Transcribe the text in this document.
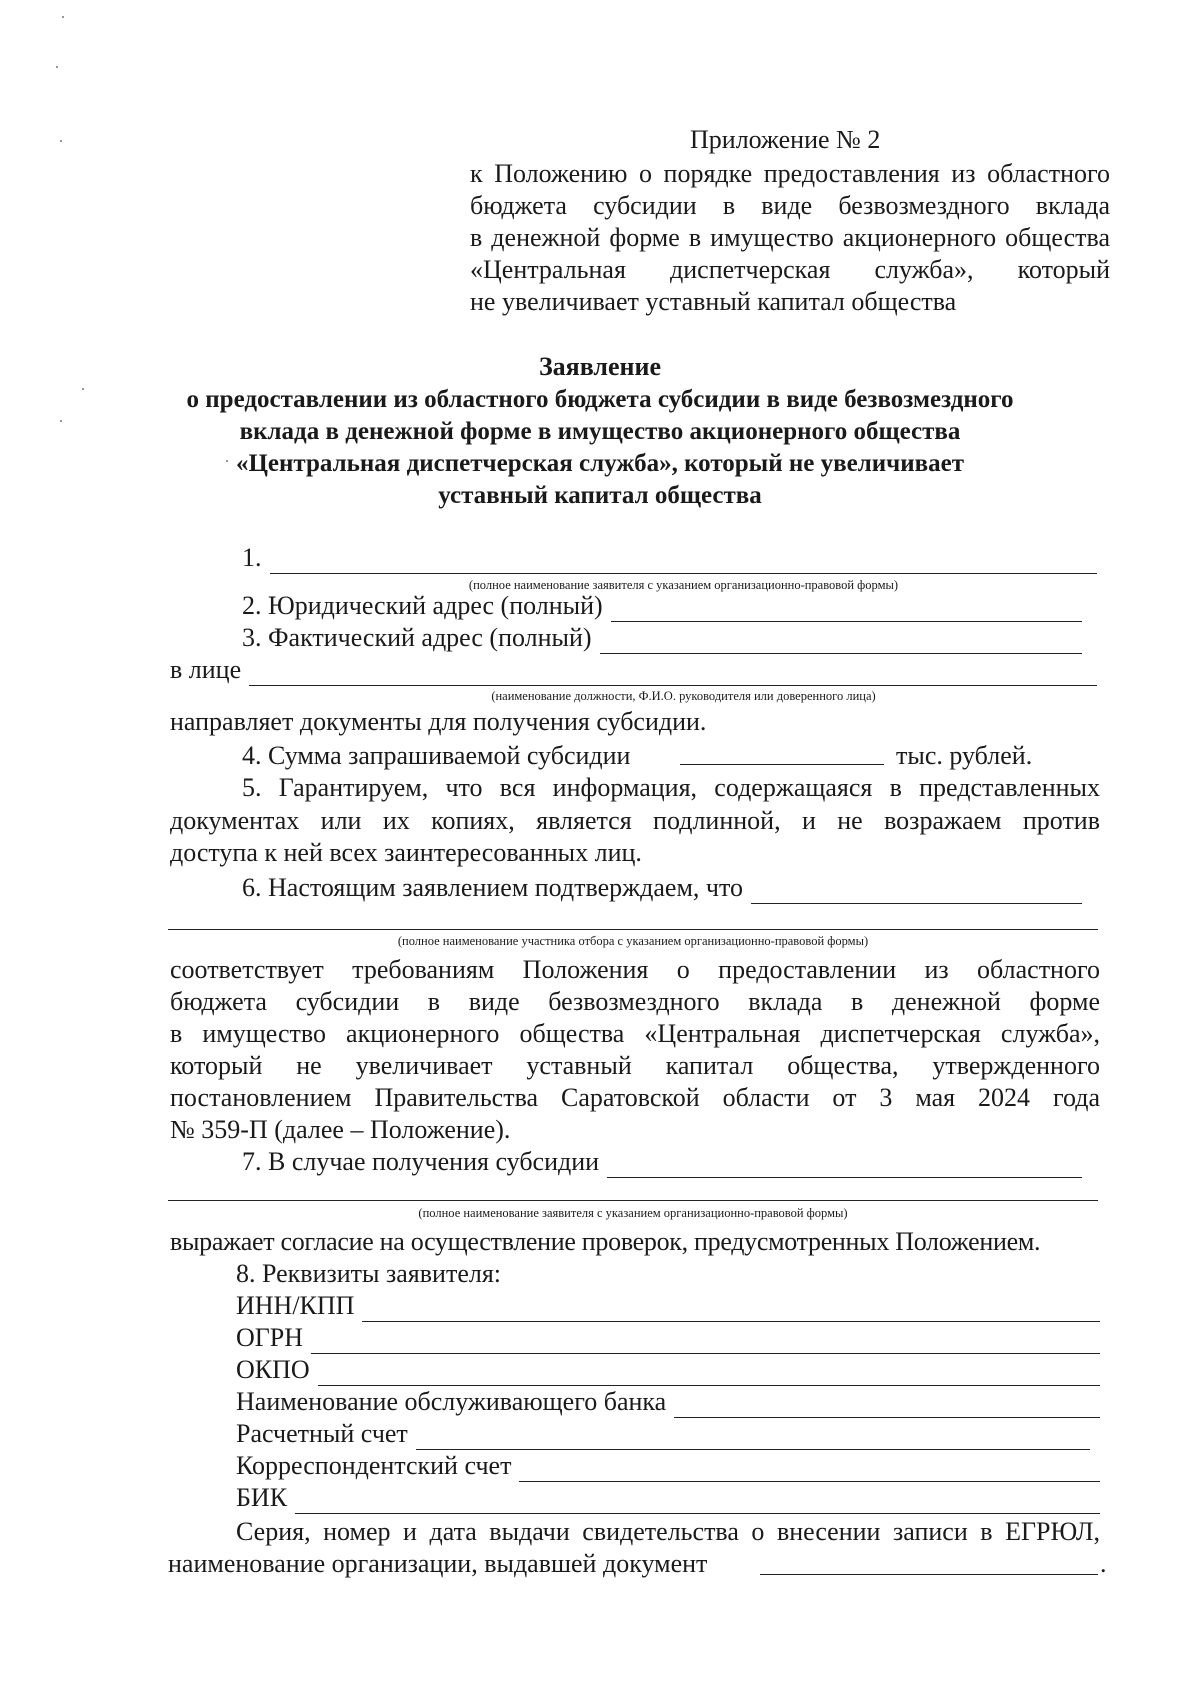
Приложение № 2
к Положению о порядке предоставления из областного
бюджета субсидии в виде безвозмездного вклада
в денежной форме в имущество акционерного общества
«Центральная диспетчерская служба», который
не увеличивает уставный капитал общества
Заявление
о предоставлении из областного бюджета субсидии в виде безвозмездного
вклада в денежной форме в имущество акционерного общества
«Центральная диспетчерская служба», который не увеличивает
уставный капитал общества
1.
(полное наименование заявителя с указанием организационно-правовой формы)
2. Юридический адрес (полный)
3. Фактический адрес (полный)
в лице
(наименование должности, Ф.И.О. руководителя или доверенного лица)
направляет документы для получения субсидии.
4. Сумма запрашиваемой субсидии	тыс. рублей.
5. Гарантируем, что вся информация, содержащаяся в представленных
документах или их копиях, является подлинной, и не возражаем против
доступа к ней всех заинтересованных лиц.
6. Настоящим заявлением подтверждаем, что
(полное наименование участника отбора с указанием организационно-правовой формы)
соответствует требованиям Положения о предоставлении из областного
бюджета субсидии в виде безвозмездного вклада в денежной форме
в имущество акционерного общества «Центральная диспетчерская служба»,
который не увеличивает уставный капитал общества, утвержденного
постановлением Правительства Саратовской области от 3 мая 2024 года
№ 359-П (далее – Положение).
7. В случае получения субсидии
(полное наименование заявителя с указанием организационно-правовой формы)
выражает согласие на осуществление проверок, предусмотренных Положением.
8. Реквизиты заявителя:
ИНН/КПП
ОГРН
ОКПО
Наименование обслуживающего банка
Расчетный счет
Корреспондентский счет
БИК
Серия, номер и дата выдачи свидетельства о внесении записи в ЕГРЮЛ,
наименование организации, выдавшей документ	.
